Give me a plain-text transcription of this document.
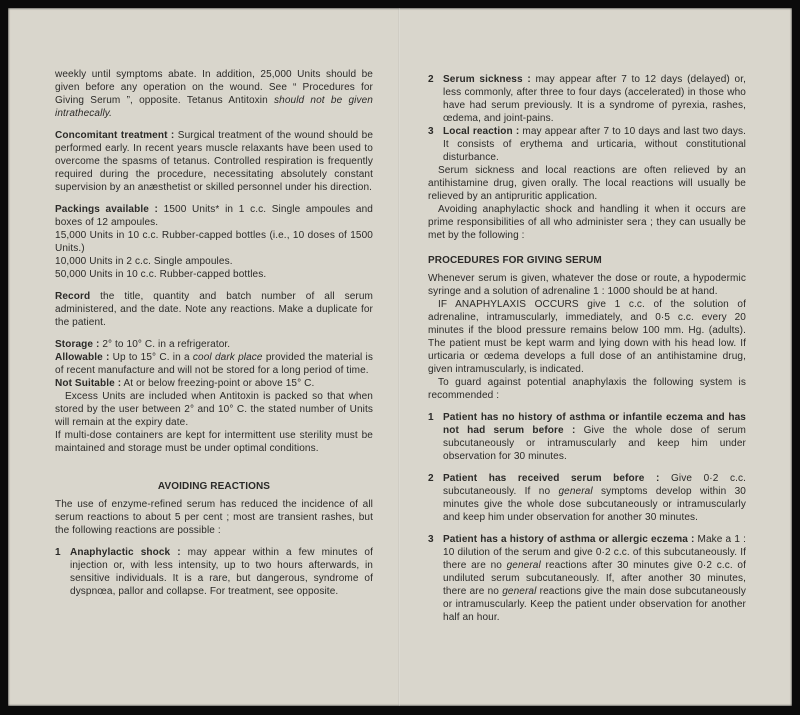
weekly until symptoms abate. In addition, 25,000 Units should be given before any operation on the wound. See “ Procedures for Giving Serum ”, opposite. Tetanus Antitoxin should not be given intrathecally.

Concomitant treatment : Surgical treatment of the wound should be performed early. In recent years muscle relaxants have been used to overcome the spasms of tetanus. Controlled respiration is frequently required during the procedure, necessitating absolutely constant supervision by an anæsthetist or skilled personnel under his direction.

Packings available : 1500 Units* in 1 c.c. Single ampoules and boxes of 12 ampoules.

15,000 Units in 10 c.c. Rubber-capped bottles (i.e., 10 doses of 1500 Units.)

10,000 Units in 2 c.c. Single ampoules.

50,000 Units in 10 c.c. Rubber-capped bottles.

Record the title, quantity and batch number of all serum administered, and the date. Note any reactions. Make a duplicate for the patient.

Storage : 2° to 10° C. in a refrigerator.

Allowable : Up to 15° C. in a cool dark place provided the material is of recent manufacture and will not be stored for a long period of time.

Not Suitable : At or below freezing-point or above 15° C.

Excess Units are included when Antitoxin is packed so that when stored by the user between 2° and 10° C. the stated number of Units will remain at the expiry date.

If multi-dose containers are kept for intermittent use sterility must be maintained and storage must be under optimal conditions.

AVOIDING REACTIONS

The use of enzyme-refined serum has reduced the incidence of all serum reactions to about 5 per cent ; most are transient rashes, but the following reactions are possible :

1 Anaphylactic shock : may appear within a few minutes of injection or, with less intensity, up to two hours afterwards, in sensitive individuals. It is a rare, but dangerous, syndrome of dyspnœa, pallor and collapse. For treatment, see opposite.
2 Serum sickness : may appear after 7 to 12 days (delayed) or, less commonly, after three to four days (accelerated) in those who have had serum previously. It is a syndrome of pyrexia, rashes, œdema, and joint-pains.
3 Local reaction : may appear after 7 to 10 days and last two days. It consists of erythema and urticaria, without constitutional disturbance.

Serum sickness and local reactions are often relieved by an antihistamine drug, given orally. The local reactions will usually be relieved by an antipruritic application.

Avoiding anaphylactic shock and handling it when it occurs are prime responsibilities of all who administer sera ; they can usually be met by the following :

PROCEDURES FOR GIVING SERUM

Whenever serum is given, whatever the dose or route, a hypodermic syringe and a solution of adrenaline 1 : 1000 should be at hand.

IF ANAPHYLAXIS OCCURS give 1 c.c. of the solution of adrenaline, intramuscularly, immediately, and 0·5 c.c. every 20 minutes if the blood pressure remains below 100 mm. Hg. (adults). The patient must be kept warm and lying down with his head low. If urticaria or œdema develops a full dose of an antihistamine drug, given intramuscularly, is indicated.

To guard against potential anaphylaxis the following system is recommended :

1 Patient has no history of asthma or infantile eczema and has not had serum before : Give the whole dose of serum subcutaneously or intramuscularly and keep him under observation for 30 minutes.
2 Patient has received serum before : Give 0·2 c.c. subcutaneously. If no general symptoms develop within 30 minutes give the whole dose subcutaneously or intramuscularly and keep him under observation for another 30 minutes.
3 Patient has a history of asthma or allergic eczema : Make a 1 : 10 dilution of the serum and give 0·2 c.c. of this subcutaneously. If there are no general reactions after 30 minutes give 0·2 c.c. of undiluted serum subcutaneously. If, after another 30 minutes, there are no general reactions give the main dose subcutaneously or intramuscularly. Keep the patient under observation for another half an hour.
